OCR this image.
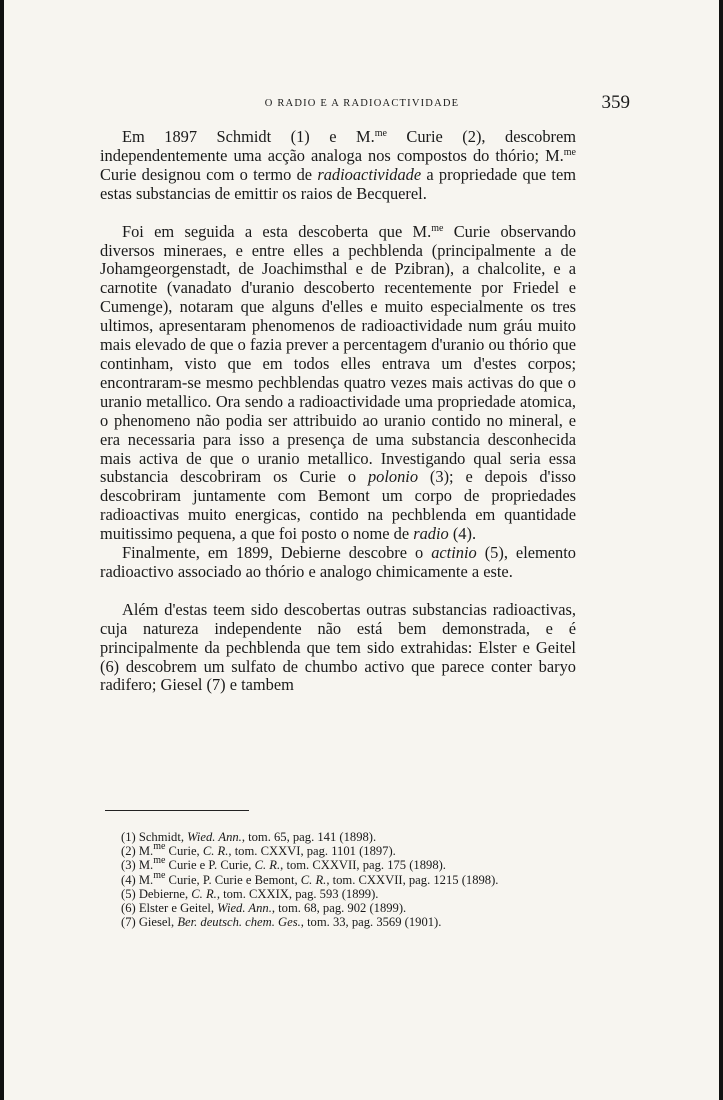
O RADIO E A RADIOACTIVIDADE	359

Em 1897 Schmidt (1) e M.$^{me}$ Curie (2), descobrem independentemente uma acção analoga nos compostos do thório; M.$^{me}$ Curie designou com o termo de radioactividade a propriedade que tem estas substancias de emittir os raios de Becquerel.

Foi em seguida a esta descoberta que M.$^{me}$ Curie observando diversos mineraes, e entre elles a pechblenda (principalmente a de Johamgeorgenstadt, de Joachimsthal e de Pzibran), a chalcolite, e a carnotite (vanadato d'uranio descoberto recentemente por Friedel e Cumenge), notaram que alguns d'elles e muito especialmente os tres ultimos, apresentaram phenomenos de radioactividade num gráu muito mais elevado de que o fazia prever a percentagem d'uranio ou thório que continham, visto que em todos elles entrava um d'estes corpos; encontraram-se mesmo pechblendas quatro vezes mais activas do que o uranio metallico. Ora sendo a radioactividade uma propriedade atomica, o phenomeno não podia ser attribuido ao uranio contido no mineral, e era necessaria para isso a presença de uma substancia desconhecida mais activa de que o uranio metallico. Investigando qual seria essa substancia descobriram os Curie o polonio (3); e depois d'isso descobriram juntamente com Bemont um corpo de propriedades radioactivas muito energicas, contido na pechblenda em quantidade muitissimo pequena, a que foi posto o nome de radio (4).

Finalmente, em 1899, Debierne descobre o actinio (5), elemento radioactivo associado ao thório e analogo chimicamente a este.

Além d'estas teem sido descobertas outras substancias radioactivas, cuja natureza independente não está bem demonstrada, e é principalmente da pechblenda que tem sido extrahidas: Elster e Geitel (6) descobrem um sulfato de chumbo activo que parece conter baryo radifero; Giesel (7) e tambem

(1) Schmidt, Wied. Ann., tom. 65, pag. 141 (1898).
(2) M.$^{me}$ Curie, C. R., tom. CXXVI, pag. 1101 (1897).
(3) M.$^{me}$ Curie e P. Curie, C. R., tom. CXXVII, pag. 175 (1898).
(4) M.$^{me}$ Curie, P. Curie e Bemont, C. R., tom. CXXVII, pag. 1215 (1898).
(5) Debierne, C. R., tom. CXXIX, pag. 593 (1899).
(6) Elster e Geitel, Wied. Ann., tom. 68, pag. 902 (1899).
(7) Giesel, Ber. deutsch. chem. Ges., tom. 33, pag. 3569 (1901).
